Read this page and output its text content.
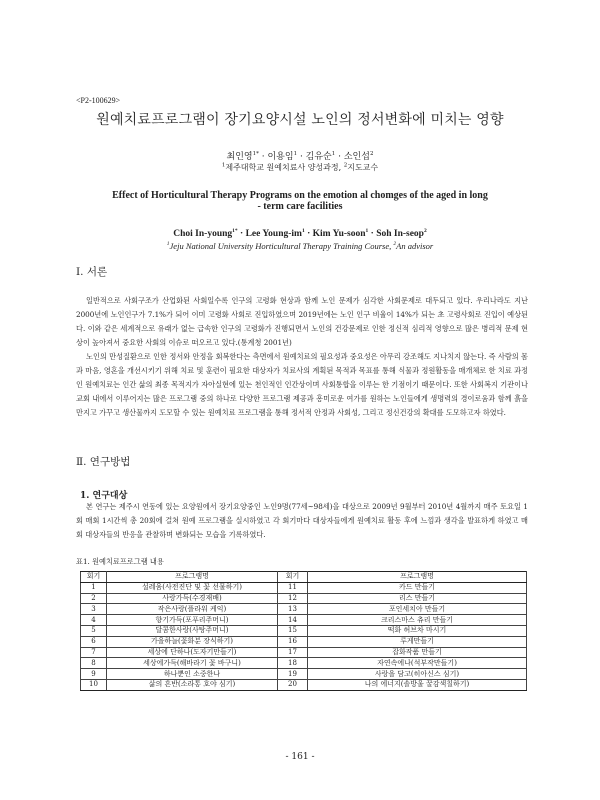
<P2-100629>
원예치료프로그램이 장기요양시설 노인의 정서변화에 미치는 영향
최인영$^{1*}$ · 이용임$^1$ · 김유순$^1$ · 소인섭$^2$
$^1$제주대학교 원예치료사 양성과정, $^2$지도교수
Effect of Horticultural Therapy Programs on the emotion al chomges of the aged in long - term care facilities
Choi In-young$^{1*}$ · Lee Young-$im^1$ · Kim Yu-soon$^1$ · Soh In-seop$^2$
$^1$Jeju National University Horticultural Therapy Training Course, $^2$An advisor
Ⅰ. 서론

일반적으로 사회구조가 산업화된 사회일수록 인구의 고령화 현상과 함께 노인 문제가 심각한 사회문제로 대두되고 있다. 우리나라도 지난 2000년에 노인인구가 7.1%가 되어 이미 고령화 사회로 진입하였으며 2019년에는 노인 인구 비율이 14%가 되는 초 고령사회로 진입이 예상된다. 이와 같은 세계적으로 유래가 없는 급속한 인구의 고령화가 진행되면서 노인의 건강문제로 인한 정신적 심리적 영향으로 많은 병리적 문제 현상이 높아져서 중요한 사회의 이슈로 떠오르고 있다.(통계청 2001년)

노인의 만성질환으로 인한 정서와 안정을 회복한다는 측면에서 원예치료의 필요성과 중요성은 아무리 강조해도 지나치지 않는다. 즉 사람의 몸과 마음, 영혼을 개선시키기 위해 치료 및 훈련이 필요한 대상자가 치료사의 계획된 목적과 목표를 통해 식물과 정원활동을 매개체로 한 치료 과정인 원예치료는 인간 삶의 최종 목적지가 자아실현에 있는 천인적인 인간상이며 사회통합을 이루는 한 기점이기 때문이다. 또한 사회복지 기관이나 교회 내에서 이루어지는 많은 프로그램 중의 하나로 다양한 프로그램 제공과 흥미로운 여가를 원하는 노인들에게 생명력의 경이로움과 함께 흙을 만지고 가꾸고 생산물까지 도모할 수 있는 원예치료 프로그램을 통해 정서적 안정과 사회성, 그리고 정신건강의 확대를 도모하고자 하였다.

Ⅱ. 연구방법
1. 연구대상

본 연구는 제주시 연동에 있는 요양원에서 장기요양중인 노인9명(77세~98세)을 대상으로 2009년 9월부터 2010년 4월까지 매주 토요일 1회 매회 1시간씩 총 20회에 걸쳐 원예 프로그램을 실시하였고 각 회기마다 대상자들에게 원예치료 활동 후에 느낌과 생각을 발표하게 하였고 매회 대상자들의 반응을 관찰하며 변화되는 모습을 기록하였다.

표1. 원예치료프로그램 내용
회기	프로그램명	회기	프로그램명
1	설레움(사전진단 및 꽃 선물하기)	11	카드 만들기
2	사랑가득(수경재배)	12	리스 만들기
3	작은사랑(플라워 케익)	13	포인세치아 만들기
4	향기가득(포푸리주머니)	14	크리스마스 츄리 만들기
5	달콤한사랑(사탕주머니)	15	떡화 허브차 마시기
6	가을하늘(꽃화분 장식하기)	16	루게만들기
7	세상에 단하나(도자기만들기)	17	잡화작품 만들기
8	세상에가득(해바라기 꽃 바구니)	18	자연속에나(석부작만들기)
9	하나뿐인 소중한나	19	사랑을 담고(히아신스 심기)
10	삶의 흔반(소라통 호야 심기)	20	나의 에너지(솔방울 꿀감색칠하기)
- 161 -
